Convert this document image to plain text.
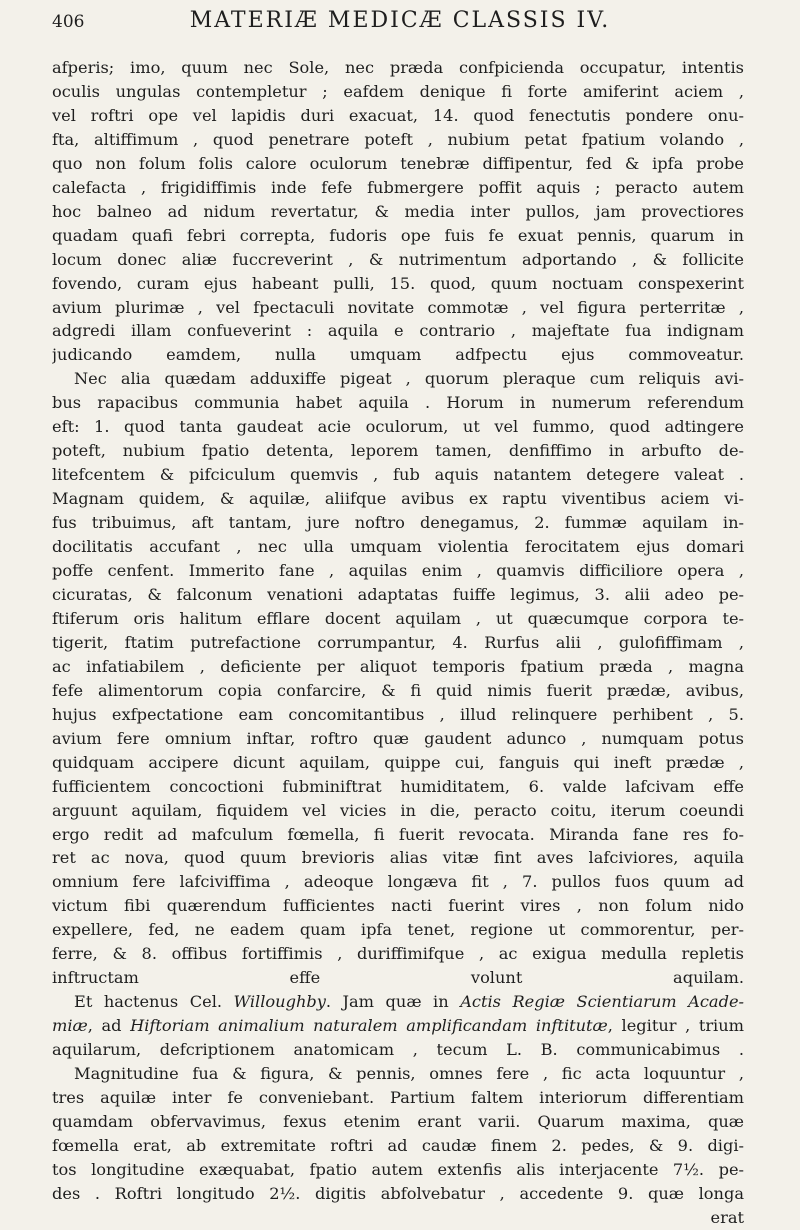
406	MATERIÆ MEDICÆ CLASSIS IV.
afperis; imo, quum nec Sole, nec præda confpicienda occupatur, intentis
oculis ungulas contempletur ; eafdem denique fi forte amiferint aciem ,
vel roftri ope vel lapidis duri exacuat, 14. quod fenectutis pondere onu-
fta, altiffimum , quod penetrare poteft , nubium petat fpatium volando ,
quo non folum folis calore oculorum tenebræ diffipentur, fed & ipfa probe
calefacta , frigidiffimis inde fefe fubmergere poffit aquis ; peracto autem
hoc balneo ad nidum revertatur, & media inter pullos, jam provectiores
quadam quafi febri correpta, fudoris ope fuis fe exuat pennis, quarum in
locum donec aliæ fuccreverint , & nutrimentum adportando , & follicite
fovendo, curam ejus habeant pulli, 15. quod, quum noctuam conspexerint
avium plurimæ , vel fpectaculi novitate commotæ , vel figura perterritæ ,
adgredi illam confueverint : aquila e contrario , majeftate fua indignam
judicando eamdem, nulla umquam adfpectu ejus commoveatur.
Nec alia quædam adduxiffe pigeat , quorum pleraque cum reliquis avi-
bus rapacibus communia habet aquila . Horum in numerum referendum
eft: 1. quod tanta gaudeat acie oculorum, ut vel fummo, quod adtingere
poteft, nubium fpatio detenta, leporem tamen, denfiffimo in arbufto de-
litefcentem & pifciculum quemvis , fub aquis natantem detegere valeat .
Magnam quidem, & aquilæ, aliifque avibus ex raptu viventibus aciem vi-
fus tribuimus, aft tantam, jure noftro denegamus, 2. fummæ aquilam in-
docilitatis accufant , nec ulla umquam violentia ferocitatem ejus domari
poffe cenfent. Immerito fane , aquilas enim , quamvis difficiliore opera ,
cicuratas, & falconum venationi adaptatas fuiffe legimus, 3. alii adeo pe-
ftiferum oris halitum efflare docent aquilam , ut quæcumque corpora te-
tigerit, ftatim putrefactione corrumpantur, 4. Rurfus alii , gulofiffimam ,
ac infatiabilem , deficiente per aliquot temporis fpatium præda , magna
fefe alimentorum copia confarcire, & fi quid nimis fuerit prædæ, avibus,
hujus exfpectatione eam concomitantibus , illud relinquere perhibent , 5.
avium fere omnium inftar, roftro quæ gaudent adunco , numquam potus
quidquam accipere dicunt aquilam, quippe cui, fanguis qui ineft prædæ ,
fufficientem concoctioni fubminiftrat humiditatem, 6. valde lafcivam effe
arguunt aquilam, fiquidem vel vicies in die, peracto coitu, iterum coeundi
ergo redit ad mafculum fœmella, fi fuerit revocata. Miranda fane res fo-
ret ac nova, quod quum brevioris alias vitæ fint aves lafciviores, aquila
omnium fere lafciviffima , adeoque longæva fit , 7. pullos fuos quum ad
victum fibi quærendum fufficientes nacti fuerint vires , non folum nido
expellere, fed, ne eadem quam ipfa tenet, regione ut commorentur, per-
ferre, & 8. offibus fortiffimis , duriffimifque , ac exigua medulla repletis
inftructam effe volunt aquilam.
Et hactenus Cel. Willoughby. Jam quæ in Actis Regiæ Scientiarum Acade-
miæ, ad Hiftoriam animalium naturalem amplificandam inftitutæ, legitur , trium
aquilarum, defcriptionem anatomicam , tecum L. B. communicabimus .
Magnitudine fua & figura, & pennis, omnes fere , fic acta loquuntur ,
tres aquilæ inter fe conveniebant. Partium faltem interiorum differentiam
quamdam obfervavimus, fexus etenim erant varii. Quarum maxima, quæ
fœmella erat, ab extremitate roftri ad caudæ finem 2. pedes, & 9. digi-
tos longitudine exæquabat, fpatio autem extenfis alis interjacente 7½. pe-
des . Roftri longitudo 2½. digitis abfolvebatur , accedente 9. quæ longa
erat
